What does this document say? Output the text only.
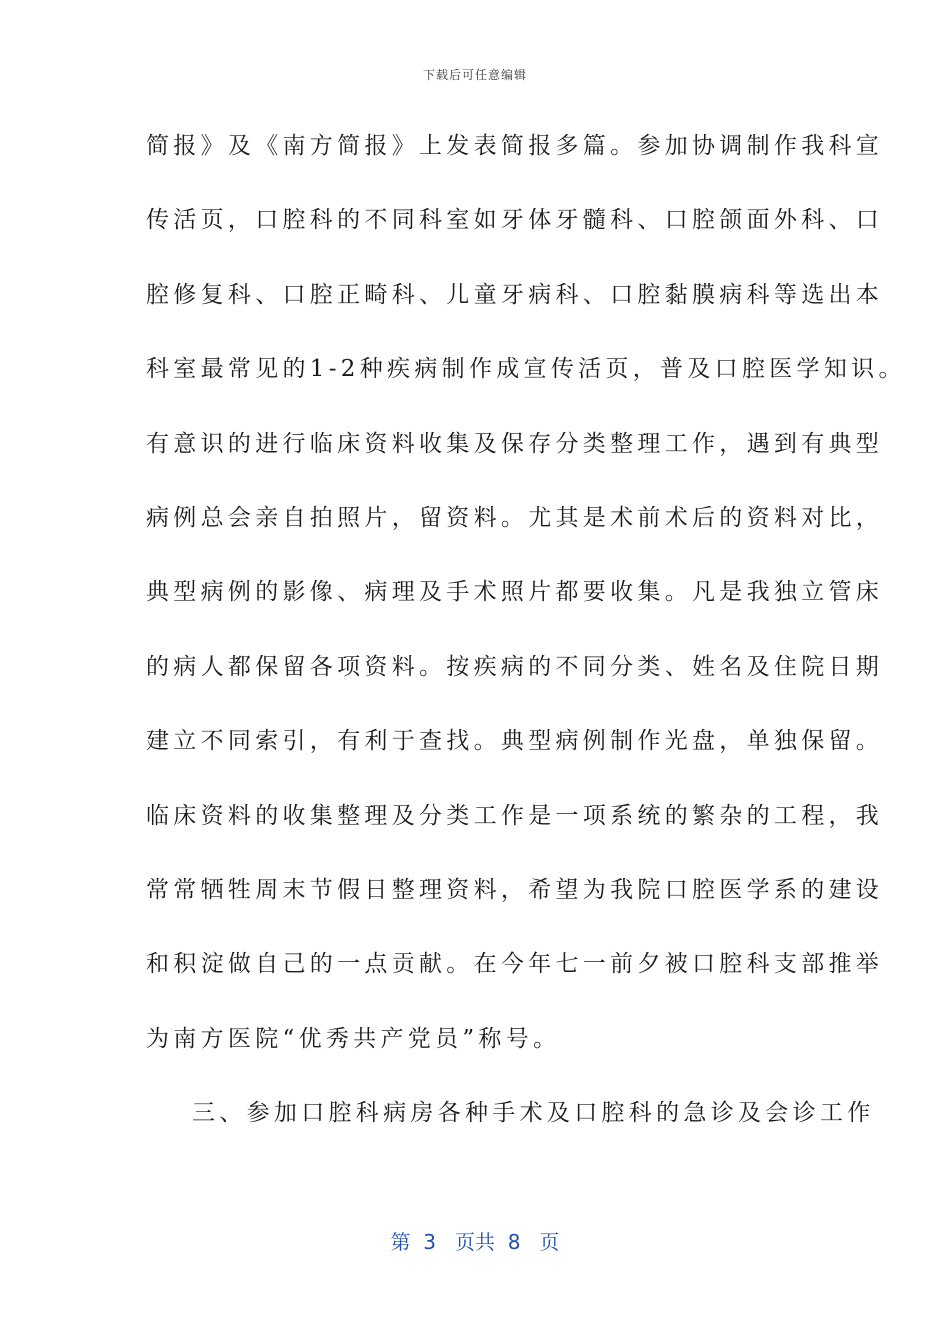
下载后可任意编辑
简报》及《南方简报》上发表简报多篇。参加协调制作我科宣
传活页，口腔科的不同科室如牙体牙髓科、口腔颌面外科、口
腔修复科、口腔正畸科、儿童牙病科、口腔黏膜病科等选出本
科室最常见的1-2种疾病制作成宣传活页，普及口腔医学知识。
有意识的进行临床资料收集及保存分类整理工作，遇到有典型
病例总会亲自拍照片，留资料。尤其是术前术后的资料对比，
典型病例的影像、病理及手术照片都要收集。凡是我独立管床
的病人都保留各项资料。按疾病的不同分类、姓名及住院日期
建立不同索引，有利于查找。典型病例制作光盘，单独保留。
临床资料的收集整理及分类工作是一项系统的繁杂的工程，我
常常牺牲周末节假日整理资料，希望为我院口腔医学系的建设
和积淀做自己的一点贡献。在今年七一前夕被口腔科支部推举
为南方医院“优秀共产党员”称号。
三、参加口腔科病房各种手术及口腔科的急诊及会诊工作
第  3   页共  8   页
